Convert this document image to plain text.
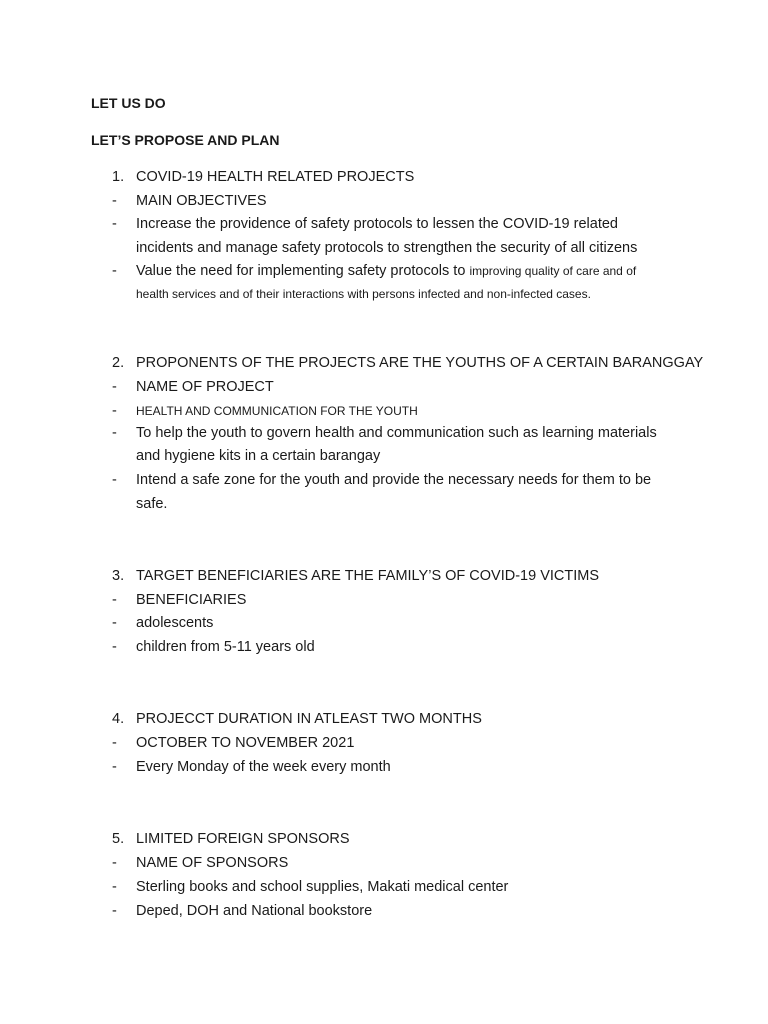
LET US DO
LET’S PROPOSE AND PLAN
1. COVID-19 HEALTH RELATED PROJECTS
- MAIN OBJECTIVES
- Increase the providence of safety protocols to lessen the COVID-19 related
incidents and manage safety protocols to strengthen the security of all citizens
- Value the need for implementing safety protocols to improving quality of care and of
health services and of their interactions with persons infected and non-infected cases.
2. PROPONENTS OF THE PROJECTS ARE THE YOUTHS OF A CERTAIN BARANGGAY
- NAME OF PROJECT
- HEALTH AND COMMUNICATION FOR THE YOUTH
- To help the youth to govern health and communication such as learning materials
and hygiene kits in a certain barangay
- Intend a safe zone for the youth and provide the necessary needs for them to be
safe.
3. TARGET BENEFICIARIES ARE THE FAMILY’S OF COVID-19 VICTIMS
- BENEFICIARIES
- adolescents
- children from 5-11 years old
4. PROJECCT DURATION IN ATLEAST TWO MONTHS
- OCTOBER TO NOVEMBER 2021
- Every Monday of the week every month
5. LIMITED FOREIGN SPONSORS
- NAME OF SPONSORS
- Sterling books and school supplies, Makati medical center
- Deped, DOH and National bookstore
